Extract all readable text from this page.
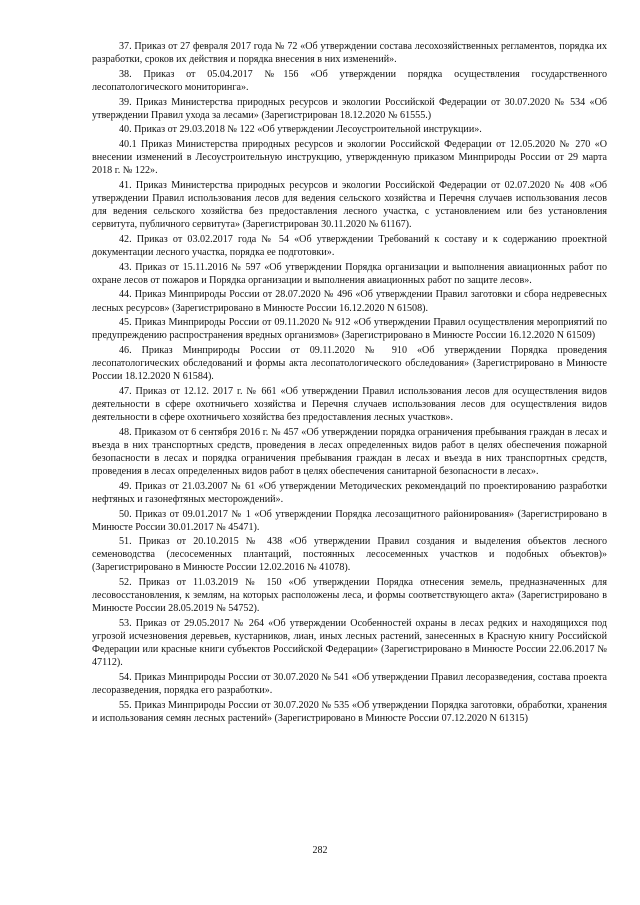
37. Приказ от 27 февраля 2017 года № 72 «Об утверждении состава лесохозяйственных регламентов, порядка их разработки, сроков их действия и порядка внесения в них изменений».

38. Приказ от 05.04.2017 №156 «Об утверждении порядка осуществления государственного лесопатологического мониторинга».

39. Приказ Министерства природных ресурсов и экологии Российской Федерации от 30.07.2020 № 534 «Об утверждении Правил ухода за лесами» (Зарегистрирован 18.12.2020 № 61555.)

40. Приказ от 29.03.2018 № 122 «Об утверждении Лесоустроительной инструкции».

40.1 Приказ Министерства природных ресурсов и экологии Российской Федерации от 12.05.2020 № 270 «О внесении изменений в Лесоустроительную инструкцию, утвержденную приказом Минприроды России от 29 марта 2018 г. № 122».

41. Приказ Министерства природных ресурсов и экологии Российской Федерации от 02.07.2020 № 408 «Об утверждении Правил использования лесов для ведения сельского хозяйства и Перечня случаев использования лесов для ведения сельского хозяйства без предоставления лесного участка, с установлением или без установления сервитута, публичного сервитута» (Зарегистрирован 30.11.2020 № 61167).

42. Приказ от 03.02.2017 года № 54 «Об утверждении Требований к составу и к содержанию проектной документации лесного участка, порядка ее подготовки».

43. Приказ от 15.11.2016 № 597 «Об утверждении Порядка организации и выполнения авиационных работ по охране лесов от пожаров и Порядка организации и выполнения авиационных работ по защите лесов».

44. Приказ Минприроды России от 28.07.2020 № 496 «Об утверждении Правил заготовки и сбора недревесных лесных ресурсов» (Зарегистрировано в Минюсте России 16.12.2020 N 61508).

45. Приказ Минприроды России от 09.11.2020 № 912 «Об утверждении Правил осуществления мероприятий по предупреждению распространения вредных организмов» (Зарегистрировано в Минюсте России 16.12.2020 N 61509)

46. Приказ Минприроды России от 09.11.2020 № 910 «Об утверждении Порядка проведения лесопатологических обследований и формы акта лесопатологического обследования» (Зарегистрировано в Минюсте России 18.12.2020 N 61584).

47. Приказ от 12.12. 2017 г. № 661 «Об утверждении Правил использования лесов для осуществления видов деятельности в сфере охотничьего хозяйства и Перечня случаев использования лесов для осуществления видов деятельности в сфере охотничьего хозяйства без предоставления лесных участков».

48. Приказом от 6 сентября 2016 г. № 457 «Об утверждении порядка ограничения пребывания граждан в лесах и въезда в них транспортных средств, проведения в лесах определенных видов работ в целях обеспечения пожарной безопасности в лесах и порядка ограничения пребывания граждан в лесах и въезда в них транспортных средств, проведения в лесах определенных видов работ в целях обеспечения санитарной безопасности в лесах».

49. Приказ от 21.03.2007 № 61 «Об утверждении Методических рекомендаций по проектированию разработки нефтяных и газонефтяных месторождений».

50. Приказ от 09.01.2017 № 1 «Об утверждении Порядка лесозащитного районирования» (Зарегистрировано в Минюсте России 30.01.2017 № 45471).

51. Приказ от 20.10.2015 № 438 «Об утверждении Правил создания и выделения объектов лесного семеноводства (лесосеменных плантаций, постоянных лесосеменных участков и подобных объектов)» (Зарегистрировано в Минюсте России 12.02.2016 № 41078).

52. Приказ от 11.03.2019 № 150 «Об утверждении Порядка отнесения земель, предназначенных для лесовосстановления, к землям, на которых расположены леса, и формы соответствующего акта» (Зарегистрировано в Минюсте России 28.05.2019 № 54752).

53. Приказ от 29.05.2017 № 264 «Об утверждении Особенностей охраны в лесах редких и находящихся под угрозой исчезновения деревьев, кустарников, лиан, иных лесных растений, занесенных в Красную книгу Российской Федерации или красные книги субъектов Российской Федерации» (Зарегистрировано в Минюсте России 22.06.2017 № 47112).

54. Приказ Минприроды России от 30.07.2020 № 541 «Об утверждении Правил лесоразведения, состава проекта лесоразведения, порядка его разработки».

55. Приказ Минприроды России от 30.07.2020 № 535 «Об утверждении Порядка заготовки, обработки, хранения и использования семян лесных растений» (Зарегистрировано в Минюсте России 07.12.2020 N 61315)

282
